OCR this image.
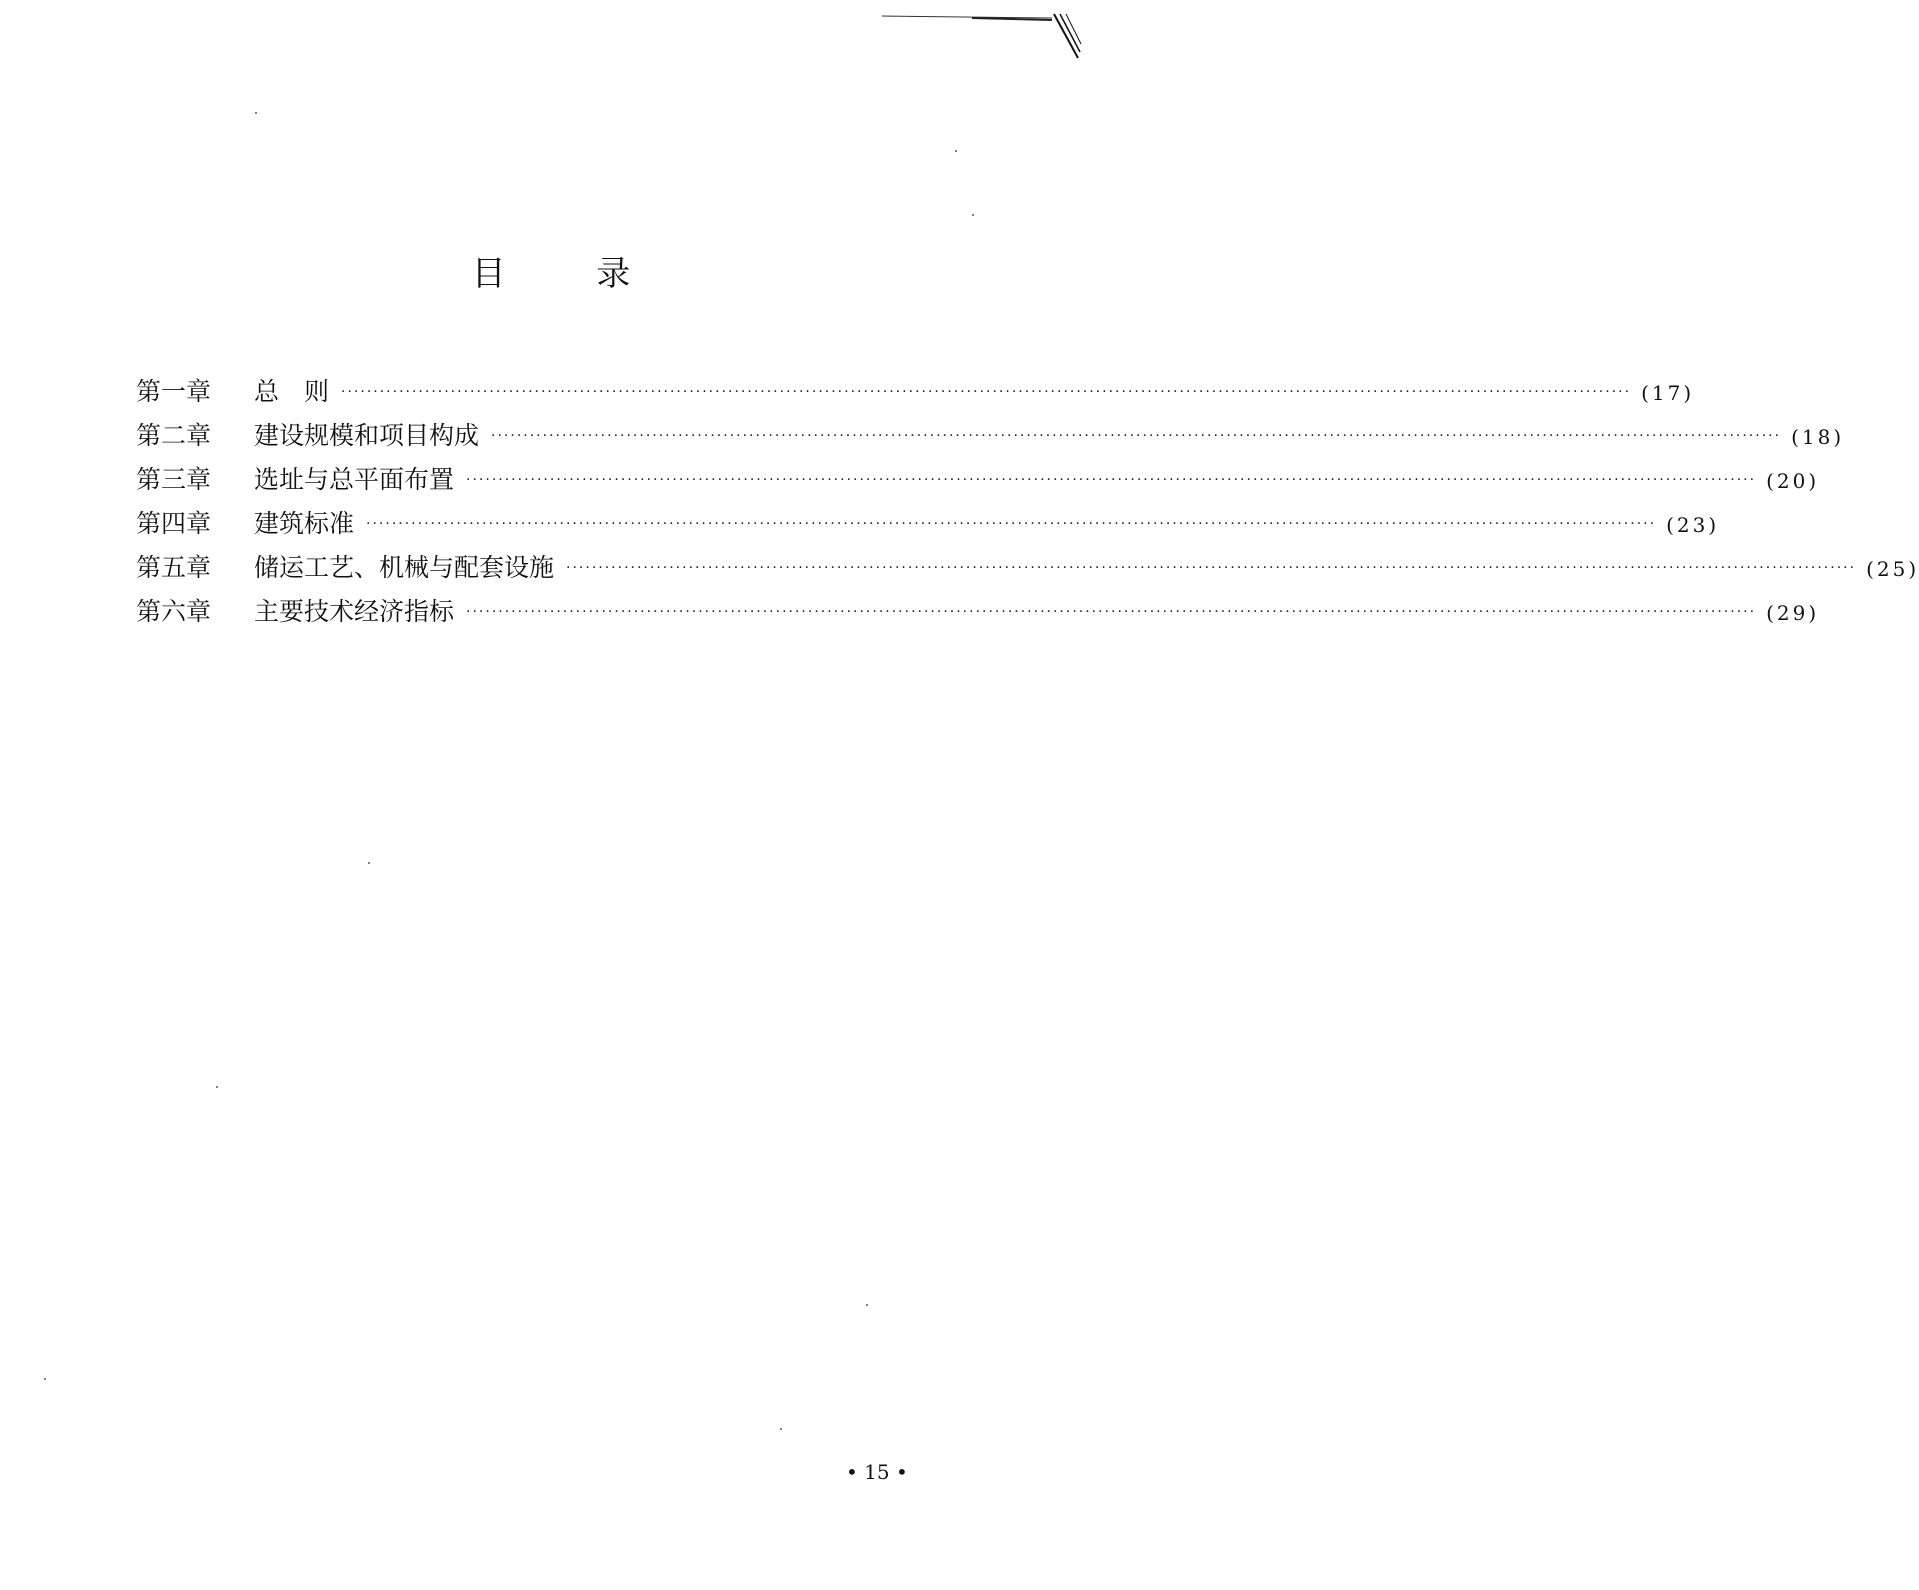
目	录
第一章	总　则 ········································································································································································································ (17)
第二章	建设规模和项目构成 ········································································································································································································ (18)
第三章	选址与总平面布置 ········································································································································································································ (20)
第四章	建筑标准 ········································································································································································································ (23)
第五章	储运工艺、机械与配套设施 ········································································································································································································ (25)
第六章	主要技术经济指标 ········································································································································································································ (29)
• 15 •
